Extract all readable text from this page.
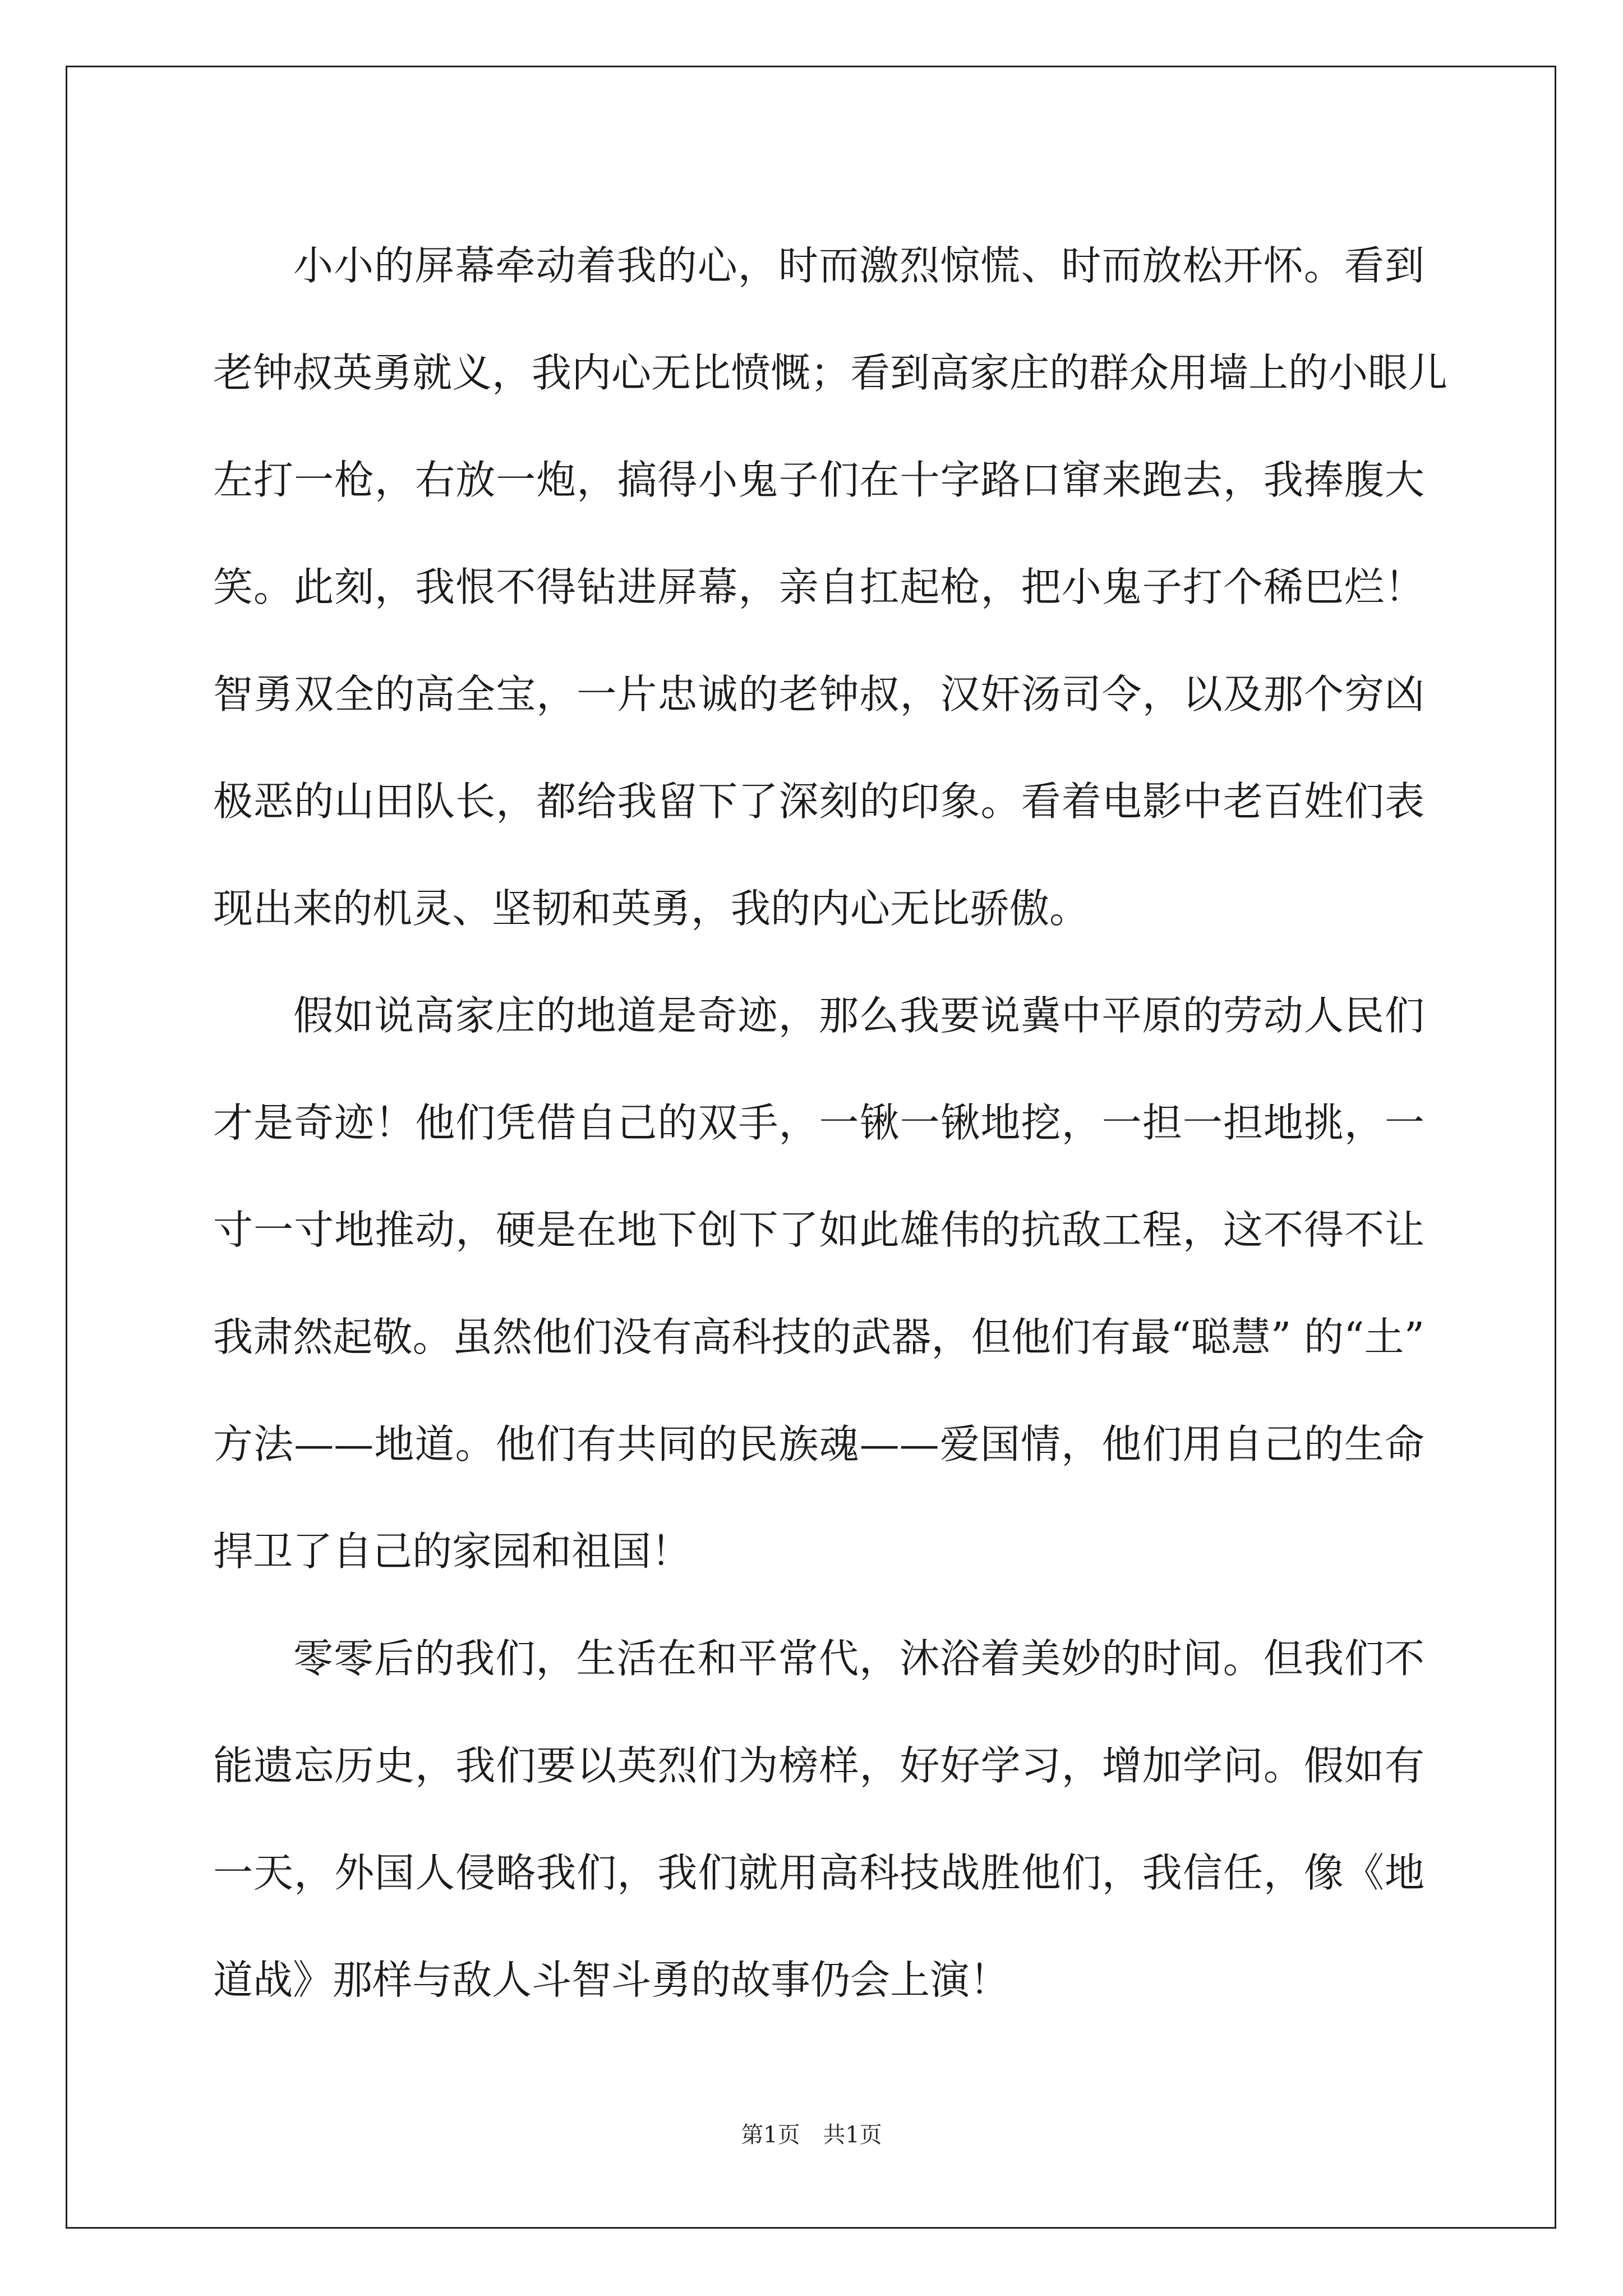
小小的屏幕牵动着我的心，时而激烈惊慌、时而放松开怀。看到
老钟叔英勇就义，我内心无比愤慨；看到高家庄的群众用墙上的小眼儿
左打一枪，右放一炮，搞得小鬼子们在十字路口窜来跑去，我捧腹大
笑。此刻，我恨不得钻进屏幕，亲自扛起枪，把小鬼子打个稀巴烂！
智勇双全的高全宝，一片忠诚的老钟叔，汉奸汤司令，以及那个穷凶
极恶的山田队长，都给我留下了深刻的印象。看着电影中老百姓们表
现出来的机灵、坚韧和英勇，我的内心无比骄傲。

假如说高家庄的地道是奇迹，那么我要说冀中平原的劳动人民们
才是奇迹！他们凭借自己的双手，一锹一锹地挖，一担一担地挑，一
寸一寸地推动，硬是在地下创下了如此雄伟的抗敌工程，这不得不让
我肃然起敬。虽然他们没有高科技的武器，但他们有最“聪慧” 的“土”
方法——地道。他们有共同的民族魂——爱国情，他们用自己的生命
捍卫了自己的家园和祖国！

零零后的我们，生活在和平常代，沐浴着美妙的时间。但我们不
能遗忘历史，我们要以英烈们为榜样，好好学习，增加学问。假如有
一天，外国人侵略我们，我们就用高科技战胜他们，我信任，像《地
道战》那样与敌人斗智斗勇的故事仍会上演！

第1页 共1页
